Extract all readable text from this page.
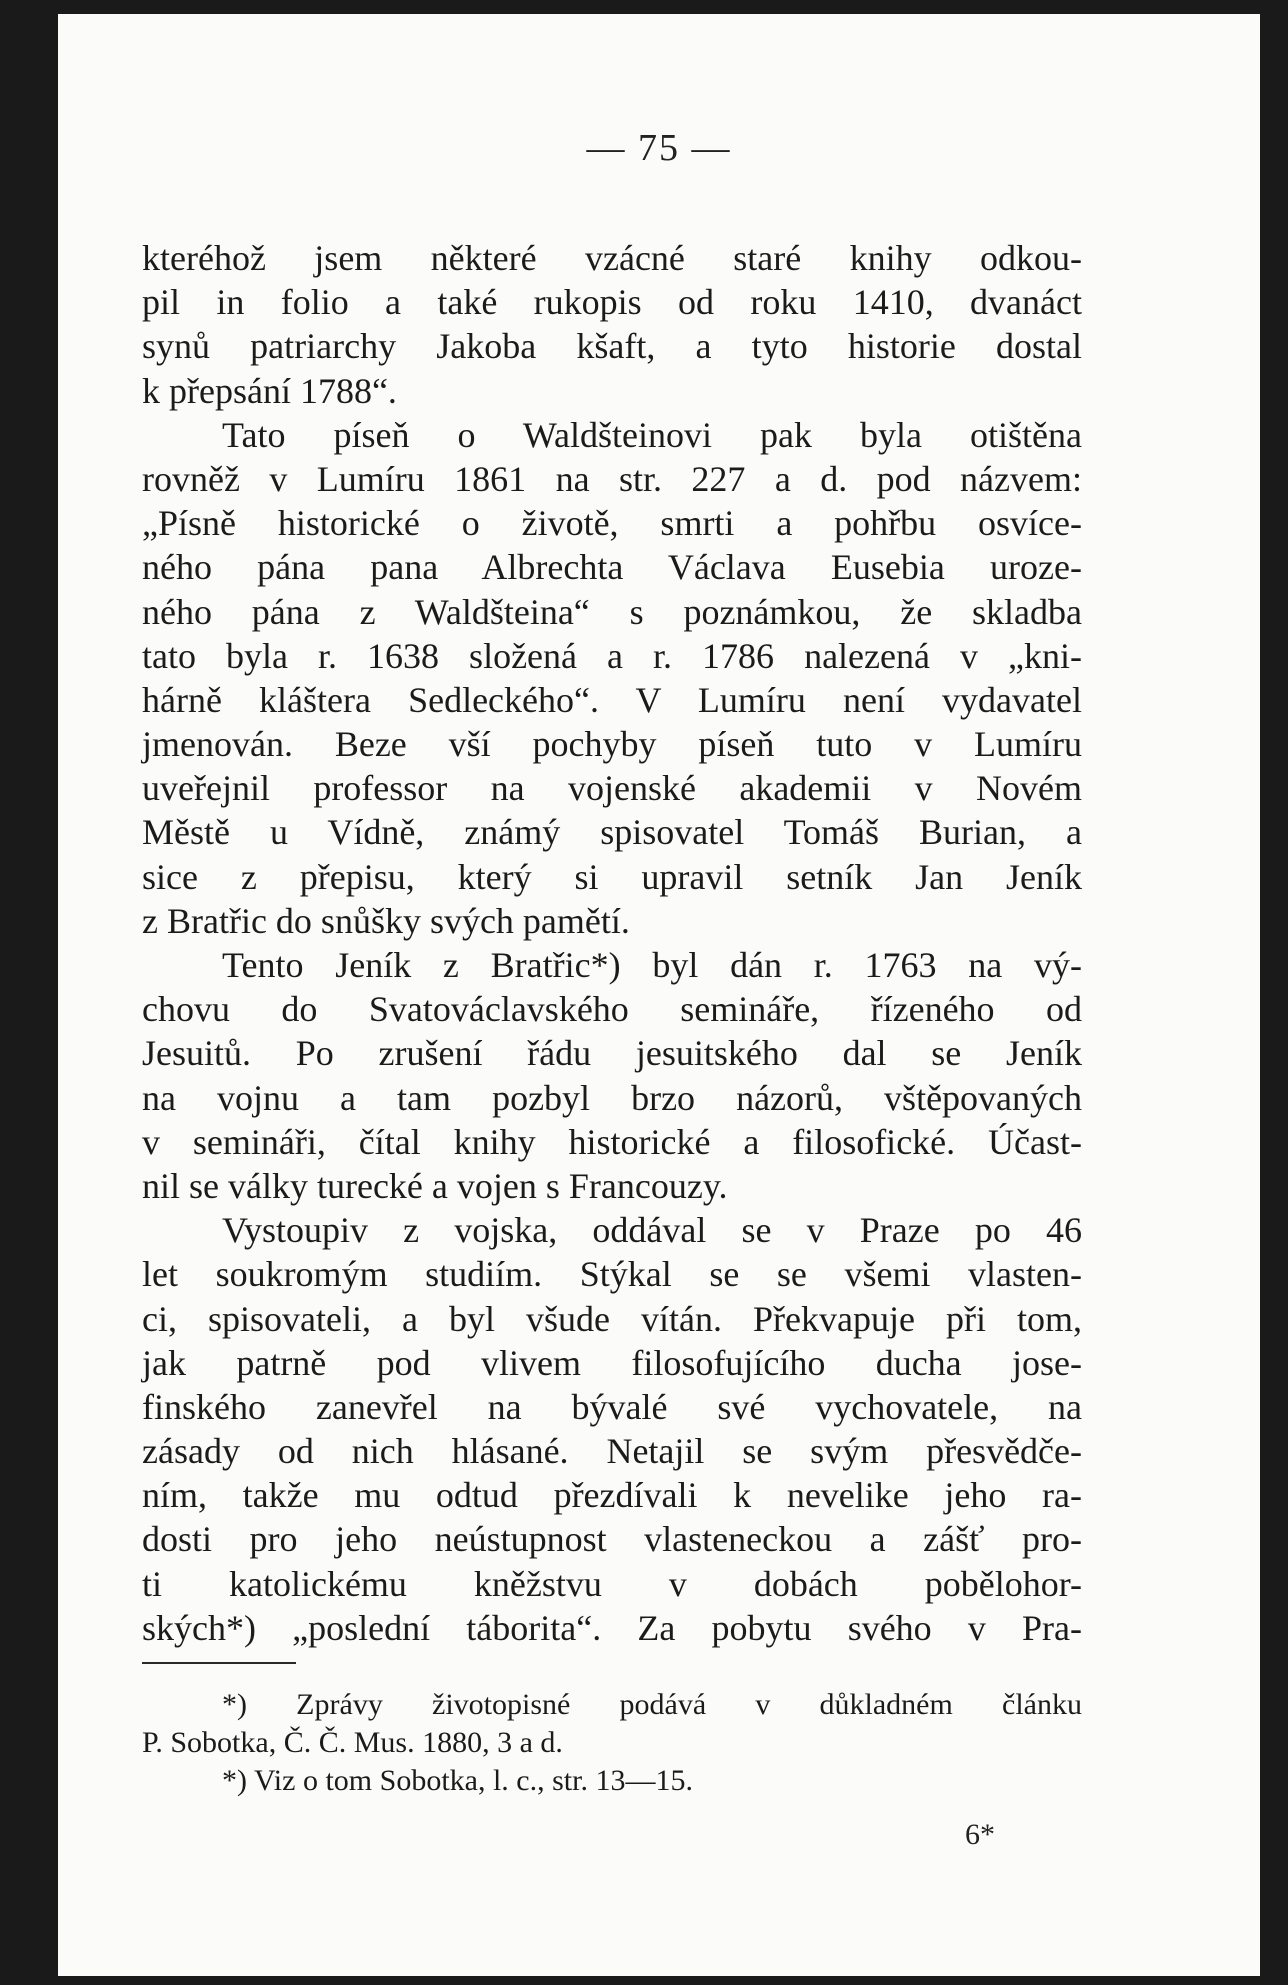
— 75 —
kteréhož jsem některé vzácné staré knihy odkou-
pil in folio a také rukopis od roku 1410, dvanáct
synů patriarchy Jakoba kšaft, a tyto historie dostal
k přepsání 1788“.
Tato píseň o Waldšteinovi pak byla otištěna
rovněž v Lumíru 1861 na str. 227 a d. pod názvem:
„Písně historické o životě, smrti a pohřbu osvíce-
ného pána pana Albrechta Václava Eusebia uroze-
ného pána z Waldšteina“ s poznámkou, že skladba
tato byla r. 1638 složená a r. 1786 nalezená v „kni-
hárně kláštera Sedleckého“. V Lumíru není vydavatel
jmenován. Beze vší pochyby píseň tuto v Lumíru
uveřejnil professor na vojenské akademii v Novém
Městě u Vídně, známý spisovatel Tomáš Burian, a
sice z přepisu, který si upravil setník Jan Jeník
z Bratřic do snůšky svých pamětí.
Tento Jeník z Bratřic*) byl dán r. 1763 na vý-
chovu do Svatováclavského semináře, řízeného od
Jesuitů. Po zrušení řádu jesuitského dal se Jeník
na vojnu a tam pozbyl brzo názorů, vštěpovaných
v semináři, čítal knihy historické a filosofické. Účast-
nil se války turecké a vojen s Francouzy.
Vystoupiv z vojska, oddával se v Praze po 46
let soukromým studiím. Stýkal se se všemi vlasten-
ci, spisovateli, a byl všude vítán. Překvapuje při tom,
jak patrně pod vlivem filosofujícího ducha jose-
finského zanevřel na bývalé své vychovatele, na
zásady od nich hlásané. Netajil se svým přesvědče-
ním, takže mu odtud přezdívali k nevelike jeho ra-
dosti pro jeho neústupnost vlasteneckou a zášť pro-
ti katolickému kněžstvu v dobách pobělohor-
ských*) „poslední táborita“. Za pobytu svého v Pra-
*) Zprávy životopisné podává v důkladném článku
P. Sobotka, Č. Č. Mus. 1880, 3 a d.
*) Viz o tom Sobotka, l. c., str. 13—15.
6*
